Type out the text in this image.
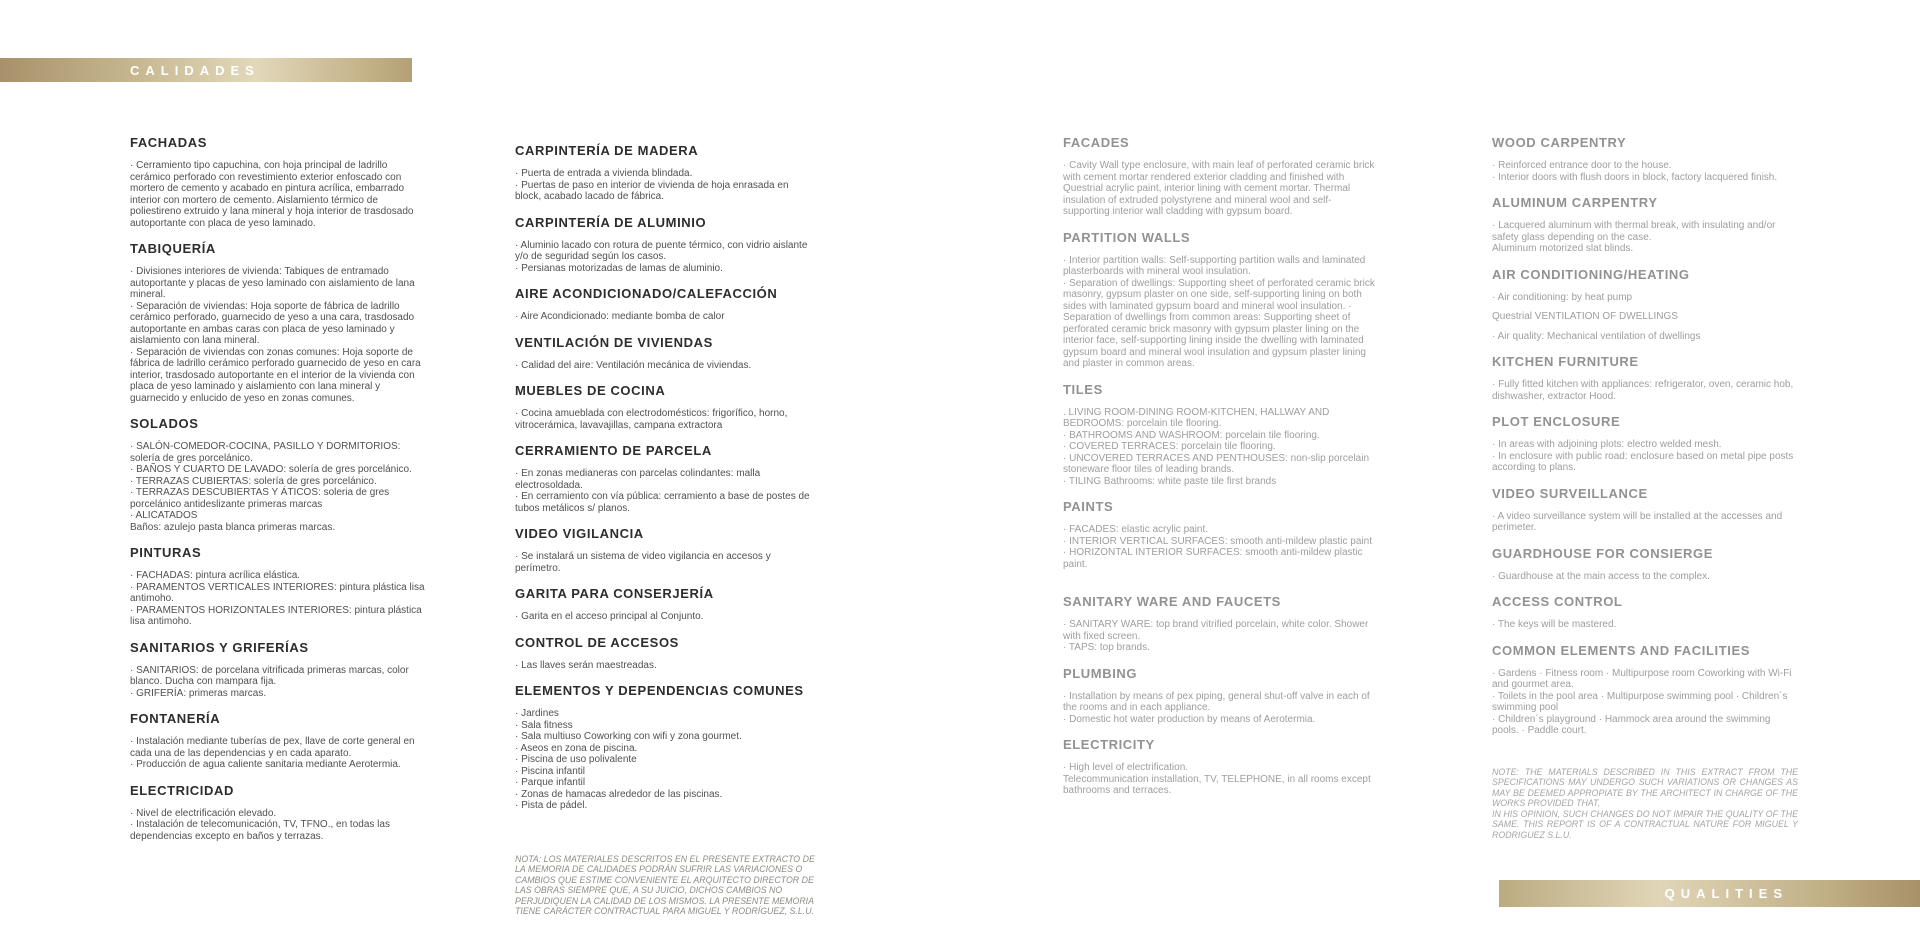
CALIDADES
FACHADAS

· Cerramiento tipo capuchina, con hoja principal de ladrillo cerámico perforado con revestimiento exterior enfoscado con mortero de cemento y acabado en pintura acrílica, embarrado interior con mortero de cemento. Aislamiento térmico de poliestireno extruido y lana mineral y hoja interior de trasdosado autoportante con placa de yeso laminado.

TABIQUERÍA

· Divisiones interiores de vivienda: Tabiques de entramado autoportante y placas de yeso laminado con aislamiento de lana mineral.

· Separación de viviendas: Hoja soporte de fábrica de ladrillo cerámico perforado, guarnecido de yeso a una cara, trasdosado autoportante en ambas caras con placa de yeso laminado y aislamiento con lana mineral.

· Separación de viviendas con zonas comunes: Hoja soporte de fábrica de ladrillo cerámico perforado guarnecido de yeso en cara interior, trasdosado autoportante en el interior de la vivienda con placa de yeso laminado y aislamiento con lana mineral y guarnecido y enlucido de yeso en zonas comunes.

SOLADOS

· SALÓN-COMEDOR-COCINA, PASILLO Y DORMITORIOS: solería de gres porcelánico.

· BAÑOS Y CUARTO DE LAVADO: solería de gres porcelánico.

· TERRAZAS CUBIERTAS: solería de gres porcelánico.

· TERRAZAS DESCUBIERTAS Y ÁTICOS: soleria de gres porcelánico antideslizante primeras marcas

· ALICATADOS

Baños: azulejo pasta blanca primeras marcas.

PINTURAS

· FACHADAS: pintura acrílica elástica.

· PARAMENTOS VERTICALES INTERIORES: pintura plástica lisa antimoho.

· PARAMENTOS HORIZONTALES INTERIORES: pintura plástica lisa antimoho.

SANITARIOS Y GRIFERÍAS

· SANITARIOS: de porcelana vitrificada primeras marcas, color blanco. Ducha con mampara fija.

· GRIFERÍA: primeras marcas.

FONTANERÍA

· Instalación mediante tuberías de pex, llave de corte general en cada una de las dependencias y en cada aparato.

· Producción de agua caliente sanitaria mediante Aerotermia.

ELECTRICIDAD

· Nivel de electrificación elevado.

· Instalación de telecomunicación, TV, TFNO., en todas las dependencias excepto en baños y terrazas.

CARPINTERÍA DE MADERA

· Puerta de entrada a vivienda blindada.

· Puertas de paso en interior de vivienda de hoja enrasada en block, acabado lacado de fábrica.

CARPINTERÍA DE ALUMINIO

· Aluminio lacado con rotura de puente térmico, con vidrio aislante y/o de seguridad según los casos.

· Persianas motorizadas de lamas de aluminio.

AIRE ACONDICIONADO/CALEFACCIÓN

· Aire Acondicionado: mediante bomba de calor

VENTILACIÓN DE VIVIENDAS

· Calidad del aire: Ventilación mecánica de viviendas.

MUEBLES DE COCINA

· Cocina amueblada con electrodomésticos: frigorífico, horno, vitrocerámica, lavavajillas, campana extractora

CERRAMIENTO DE PARCELA

· En zonas medianeras con parcelas colindantes: malla electrosoldada.

· En cerramiento con vía pública: cerramiento a base de postes de tubos metálicos s/ planos.

VIDEO VIGILANCIA

· Se instalará un sistema de video vigilancia en accesos y perímetro.

GARITA PARA CONSERJERÍA

· Garita en el acceso principal al Conjunto.

CONTROL DE ACCESOS

· Las llaves serán maestreadas.

ELEMENTOS Y DEPENDENCIAS COMUNES

· Jardines

· Sala fitness

· Sala multiuso Coworking con wifi y zona gourmet.

· Aseos en zona de piscina.

· Piscina de uso polivalente

· Piscina infantil

· Parque infantil

· Zonas de hamacas alrededor de las piscinas.

· Pista de pádel.

NOTA: LOS MATERIALES DESCRITOS EN EL PRESENTE EXTRACTO DE LA MEMORIA DE CALIDADES PODRÁN SUFRIR LAS VARIACIONES O CAMBIOS QUE ESTIME CONVENIENTE EL ARQUITECTO DIRECTOR DE LAS OBRAS SIEMPRE QUE, A SU JUICIO, DICHOS CAMBIOS NO PERJUDIQUEN LA CALIDAD DE LOS MISMOS. LA PRESENTE MEMORIA TIENE CARÁCTER CONTRACTUAL PARA MIGUEL Y RODRÍGUEZ, S.L.U.

FACADES

· Cavity Wall type enclosure, with main leaf of perforated ceramic brick with cement mortar rendered exterior cladding and finished with Questrial acrylic paint, interior lining with cement mortar. Thermal insulation of extruded polystyrene and mineral wool and self-supporting interior wall cladding with gypsum board.

PARTITION WALLS

· Interior partition walls: Self-supporting partition walls and laminated plasterboards with mineral wool insulation.

· Separation of dwellings: Supporting sheet of perforated ceramic brick masonry, gypsum plaster on one side, self-supporting lining on both sides with laminated gypsum board and mineral wool insulation. · Separation of dwellings from common areas: Supporting sheet of perforated ceramic brick masonry with gypsum plaster lining on the interior face, self-supporting lining inside the dwelling with laminated gypsum board and mineral wool insulation and gypsum plaster lining and plaster in common areas.

TILES

. LIVING ROOM-DINING ROOM-KITCHEN, HALLWAY AND BEDROOMS: porcelain tile flooring.

· BATHROOMS AND WASHROOM: porcelain tile flooring.

· COVERED TERRACES: porcelain tile flooring.

· UNCOVERED TERRACES AND PENTHOUSES: non-slip porcelain stoneware floor tiles of leading brands.

· TILING Bathrooms: white paste tile first brands

PAINTS

· FACADES: elastic acrylic paint.

· INTERIOR VERTICAL SURFACES: smooth anti-mildew plastic paint

· HORIZONTAL INTERIOR SURFACES: smooth anti-mildew plastic paint.

SANITARY WARE AND FAUCETS

· SANITARY WARE: top brand vitrified porcelain, white color. Shower with fixed screen.

· TAPS: top brands.

PLUMBING

· Installation by means of pex piping, general shut-off valve in each of the rooms and in each appliance.

· Domestic hot water production by means of Aerotermia.

ELECTRICITY

· High level of electrification.

Telecommunication installation, TV, TELEPHONE, in all rooms except bathrooms and terraces.

WOOD CARPENTRY

· Reinforced entrance door to the house.

· Interior doors with flush doors in block, factory lacquered finish.

ALUMINUM CARPENTRY

· Lacquered aluminum with thermal break, with insulating and/or safety glass depending on the case.

Aluminum motorized slat blinds.

AIR CONDITIONING/HEATING

· Air conditioning: by heat pump

Questrial VENTILATION OF DWELLINGS

· Air quality: Mechanical ventilation of dwellings

KITCHEN FURNITURE

· Fully fitted kitchen with appliances: refrigerator, oven, ceramic hob, dishwasher, extractor Hood.

PLOT ENCLOSURE

· In areas with adjoining plots: electro welded mesh.

· In enclosure with public road: enclosure based on metal pipe posts according to plans.

VIDEO SURVEILLANCE

· A video surveillance system will be installed at the accesses and perimeter.

GUARDHOUSE FOR CONSIERGE

· Guardhouse at the main access to the complex.

ACCESS CONTROL

· The keys will be mastered.

COMMON ELEMENTS AND FACILITIES

· Gardens · Fitness room · Multipurpose room Coworking with Wi-Fi and gourmet area.

· Toilets in the pool area · Multipurpose swimming pool · Children´s swimming pool

· Children´s playground · Hammock area around the swimming pools. · Paddle court.

NOTE: THE MATERIALS DESCRIBED IN THIS EXTRACT FROM THE SPECIFICATIONS MAY UNDERGO SUCH VARIATIONS OR CHANGES AS MAY BE DEEMED APPROPIATE BY THE ARCHITECT IN CHARGE OF THE WORKS PROVIDED THAT,

IN HIS OPINION, SUCH CHANGES DO NOT IMPAIR THE QUALITY OF THE SAME. THIS REPORT IS OF A CONTRACTUAL NATURE FOR MIGUEL Y RODRIGUEZ S.L.U.

QUALITIES
